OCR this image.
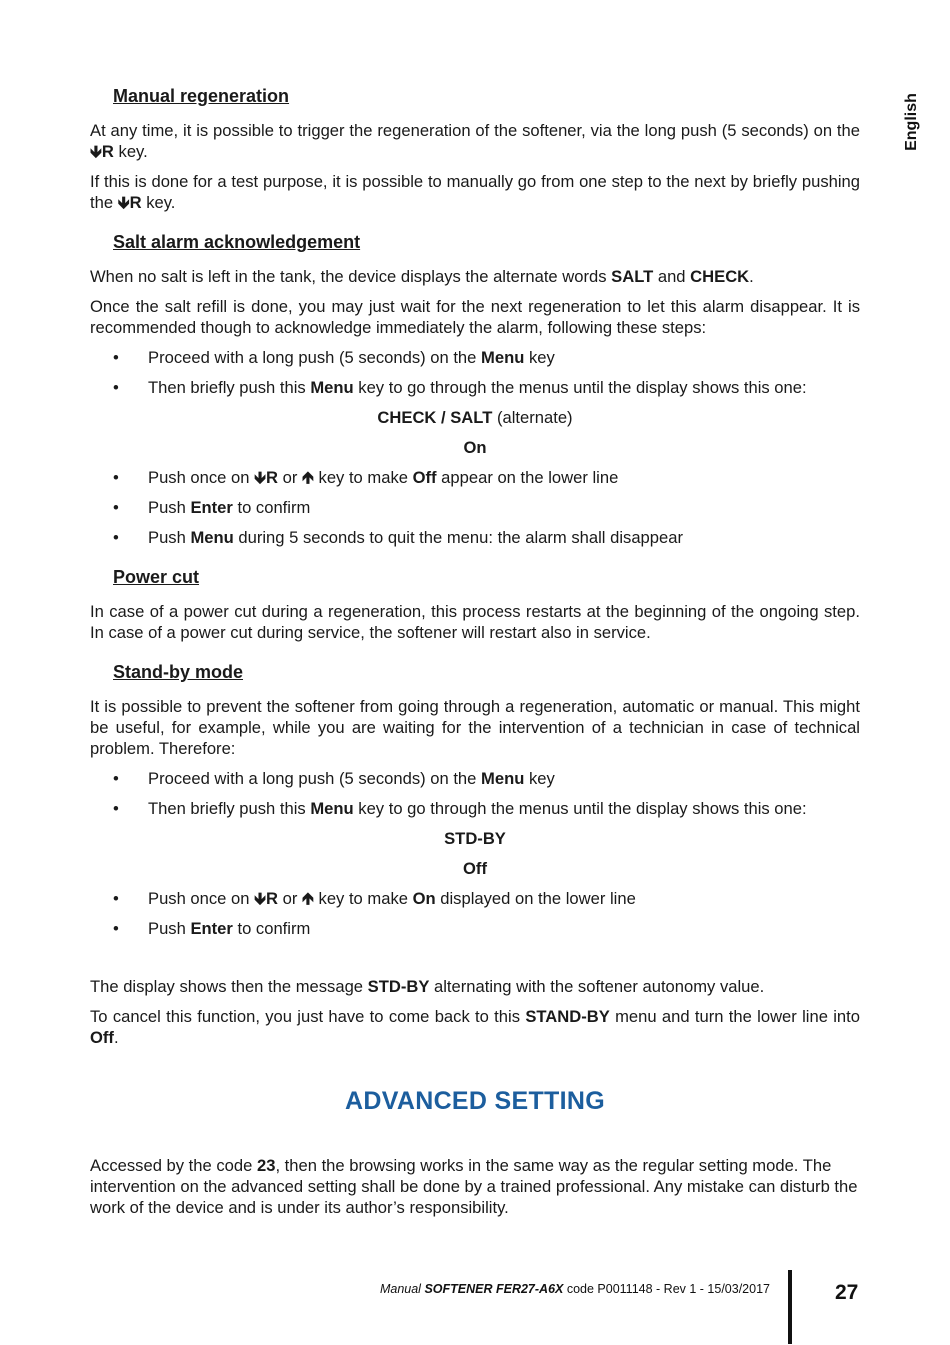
English
Manual regeneration

At any time, it is possible to trigger the regeneration of the softener, via the long push (5 seconds) on the 🡻R key.

If this is done for a test purpose, it is possible to manually go from one step to the next by briefly pushing the 🡻R key.

Salt alarm acknowledgement

When no salt is left in the tank, the device displays the alternate words SALT and CHECK.

Once the salt refill is done, you may just wait for the next regeneration to let this alarm disappear. It is recommended though to acknowledge immediately the alarm, following these steps:

• Proceed with a long push (5 seconds) on the Menu key
• Then briefly push this Menu key to go through the menus until the display shows this one:
CHECK / SALT (alternate)
On
• Push once on 🡻R or 🡹 key to make Off appear on the lower line
• Push Enter to confirm
• Push Menu during 5 seconds to quit the menu: the alarm shall disappear
Power cut

In case of a power cut during a regeneration, this process restarts at the beginning of the ongoing step. In case of a power cut during service, the softener will restart also in service.

Stand-by mode

It is possible to prevent the softener from going through a regeneration, automatic or manual. This might be useful, for example, while you are waiting for the intervention of a technician in case of technical problem. Therefore:

• Proceed with a long push (5 seconds) on the Menu key
• Then briefly push this Menu key to go through the menus until the display shows this one:
STD-BY
Off
• Push once on 🡻R or 🡹 key to make On displayed on the lower line
• Push Enter to confirm

The display shows then the message STD-BY alternating with the softener autonomy value.

To cancel this function, you just have to come back to this STAND-BY menu and turn the lower line into Off.

ADVANCED SETTING

Accessed by the code 23, then the browsing works in the same way as the regular setting mode. The intervention on the advanced setting shall be done by a trained professional. Any mistake can disturb the work of the device and is under its author’s responsibility.

Manual SOFTENER FER27-A6X code P0011148 - Rev 1 - 15/03/2017	27
